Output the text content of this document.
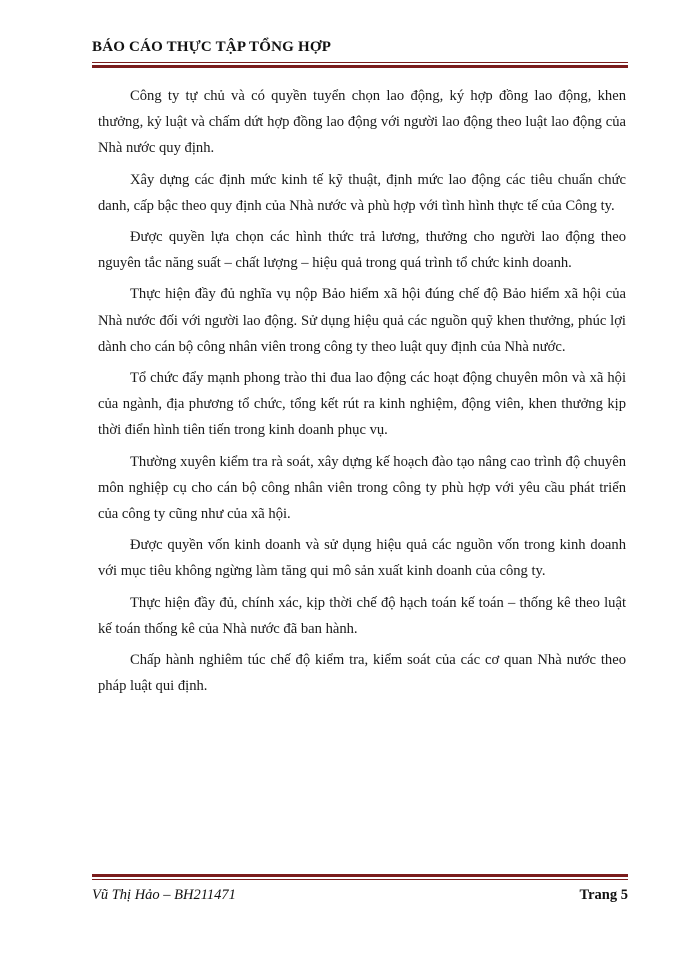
BÁO CÁO THỰC TẬP TỔNG HỢP

Công ty tự chủ và có quyền tuyển chọn lao động, ký hợp đồng lao động, khen thưởng, kỷ luật và chấm dứt hợp đồng lao động với người lao động theo luật lao động của Nhà nước quy định.

Xây dựng các định mức kinh tế kỹ thuật, định mức lao động các tiêu chuẩn chức danh, cấp bậc theo quy định của Nhà nước và phù hợp với tình hình thực tế của Công ty.

Được quyền lựa chọn các hình thức trả lương, thưởng cho người lao động theo nguyên tắc năng suất – chất lượng – hiệu quả trong quá trình tổ chức kinh doanh.

Thực hiện đầy đủ nghĩa vụ nộp Bảo hiểm xã hội đúng chế độ Bảo hiểm xã hội của Nhà nước đối với người lao động. Sử dụng hiệu quả các nguồn quỹ khen thưởng, phúc lợi dành cho cán bộ công nhân viên trong công ty theo luật quy định của Nhà nước.

Tổ chức đẩy mạnh phong trào thi đua lao động các hoạt động chuyên môn và xã hội của ngành, địa phương tổ chức, tổng kết rút ra kinh nghiệm, động viên, khen thưởng kịp thời điển hình tiên tiến trong kinh doanh phục vụ.

Thường xuyên kiểm tra rà soát, xây dựng kế hoạch đào tạo nâng cao trình độ chuyên môn nghiệp cụ cho cán bộ công nhân viên trong công ty phù hợp với yêu cầu phát triển của công ty cũng như của xã hội.

Được quyền vốn kinh doanh và sử dụng hiệu quả các nguồn vốn trong kinh doanh với mục tiêu không ngừng làm tăng qui mô sản xuất kinh doanh của công ty.

Thực hiện đầy đủ, chính xác, kịp thời chế độ hạch toán kế toán – thống kê theo luật kế toán thống kê của Nhà nước đã ban hành.

Chấp hành nghiêm túc chế độ kiểm tra, kiểm soát của các cơ quan Nhà nước theo pháp luật qui định.

Vũ Thị Hảo – BH211471	Trang 5
